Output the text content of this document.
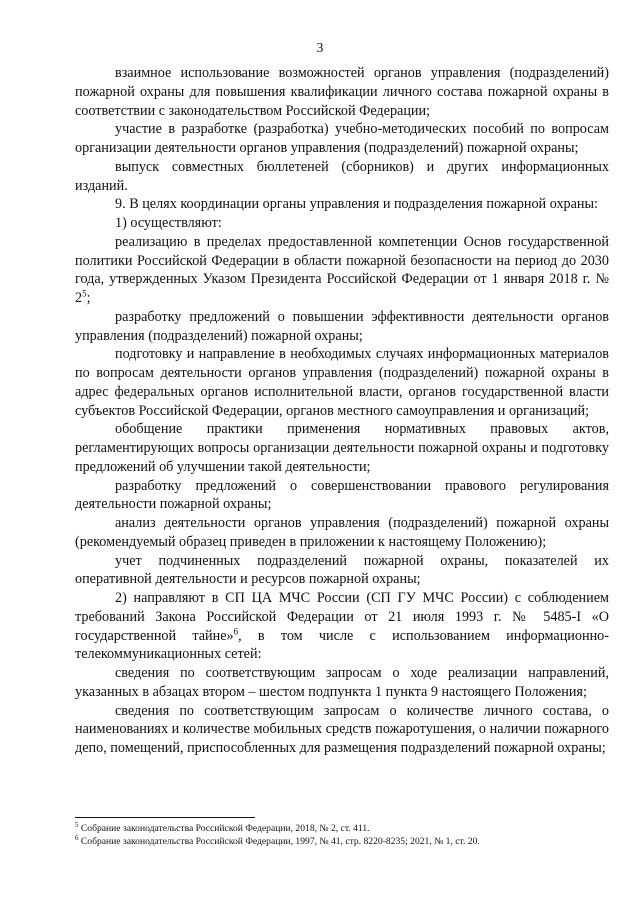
3

взаимное использование возможностей органов управления (подразделений) пожарной охраны для повышения квалификации личного состава пожарной охраны в соответствии с законодательством Российской Федерации;

участие в разработке (разработка) учебно-методических пособий по вопросам организации деятельности органов управления (подразделений) пожарной охраны;

выпуск совместных бюллетеней (сборников) и других информационных изданий.

9. В целях координации органы управления и подразделения пожарной охраны:

1) осуществляют:

реализацию в пределах предоставленной компетенции Основ государственной политики Российской Федерации в области пожарной безопасности на период до 2030 года, утвержденных Указом Президента Российской Федерации от 1 января 2018 г. № $2^5$;

разработку предложений о повышении эффективности деятельности органов управления (подразделений) пожарной охраны;

подготовку и направление в необходимых случаях информационных материалов по вопросам деятельности органов управления (подразделений) пожарной охраны в адрес федеральных органов исполнительной власти, органов государственной власти субъектов Российской Федерации, органов местного самоуправления и организаций;

обобщение практики применения нормативных правовых актов, регламентирующих вопросы организации деятельности пожарной охраны и подготовку предложений об улучшении такой деятельности;

разработку предложений о совершенствовании правового регулирования деятельности пожарной охраны;

анализ деятельности органов управления (подразделений) пожарной охраны (рекомендуемый образец приведен в приложении к настоящему Положению);

учет подчиненных подразделений пожарной охраны, показателей их оперативной деятельности и ресурсов пожарной охраны;

2) направляют в СП ЦА МЧС России (СП ГУ МЧС России) с соблюдением требований Закона Российской Федерации от 21 июля 1993 г. № 5485-I «О государственной тайне»$^6$, в том числе с использованием информационно-телекоммуникационных сетей:

сведения по соответствующим запросам о ходе реализации направлений, указанных в абзацах втором – шестом подпункта 1 пункта 9 настоящего Положения;

сведения по соответствующим запросам о количестве личного состава, о наименованиях и количестве мобильных средств пожаротушения, о наличии пожарного депо, помещений, приспособленных для размещения подразделений пожарной охраны;

$^5$ Собрание законодательства Российской Федерации, 2018, № 2, ст. 411.

$^6$ Собрание законодательства Российской Федерации, 1997, № 41, стр. 8220-8235; 2021, № 1, ст. 20.
